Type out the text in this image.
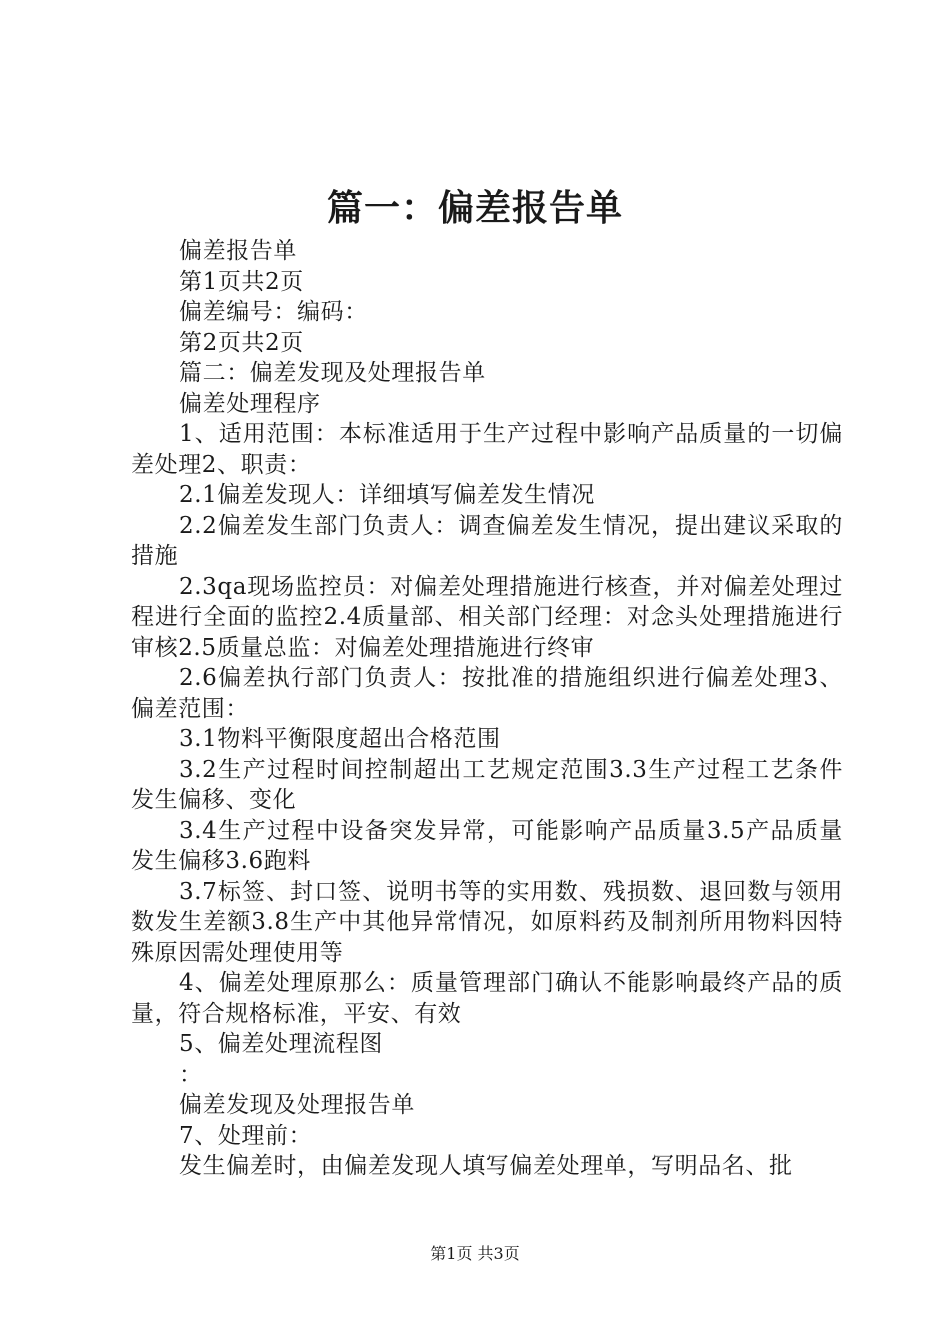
篇一：偏差报告单

偏差报告单

第1页共2页

偏差编号：编码：

第2页共2页

篇二：偏差发现及处理报告单

偏差处理程序

1、适用范围：本标准适用于生产过程中影响产品质量的一切偏差处理2、职责：

2.1偏差发现人：详细填写偏差发生情况

2.2偏差发生部门负责人：调查偏差发生情况，提出建议采取的措施

2.3qa现场监控员：对偏差处理措施进行核查，并对偏差处理过程进行全面的监控2.4质量部、相关部门经理：对念头处理措施进行审核2.5质量总监：对偏差处理措施进行终审

2.6偏差执行部门负责人：按批准的措施组织进行偏差处理3、偏差范围：

3.1物料平衡限度超出合格范围

3.2生产过程时间控制超出工艺规定范围3.3生产过程工艺条件发生偏移、变化

3.4生产过程中设备突发异常，可能影响产品质量3.5产品质量发生偏移3.6跑料

3.7标签、封口签、说明书等的实用数、残损数、退回数与领用数发生差额3.8生产中其他异常情况，如原料药及制剂所用物料因特殊原因需处理使用等

4、偏差处理原那么：质量管理部门确认不能影响最终产品的质量，符合规格标准，平安、有效

5、偏差处理流程图

：

偏差发现及处理报告单

7、处理前：

发生偏差时，由偏差发现人填写偏差处理单，写明品名、批

第1页 共3页
